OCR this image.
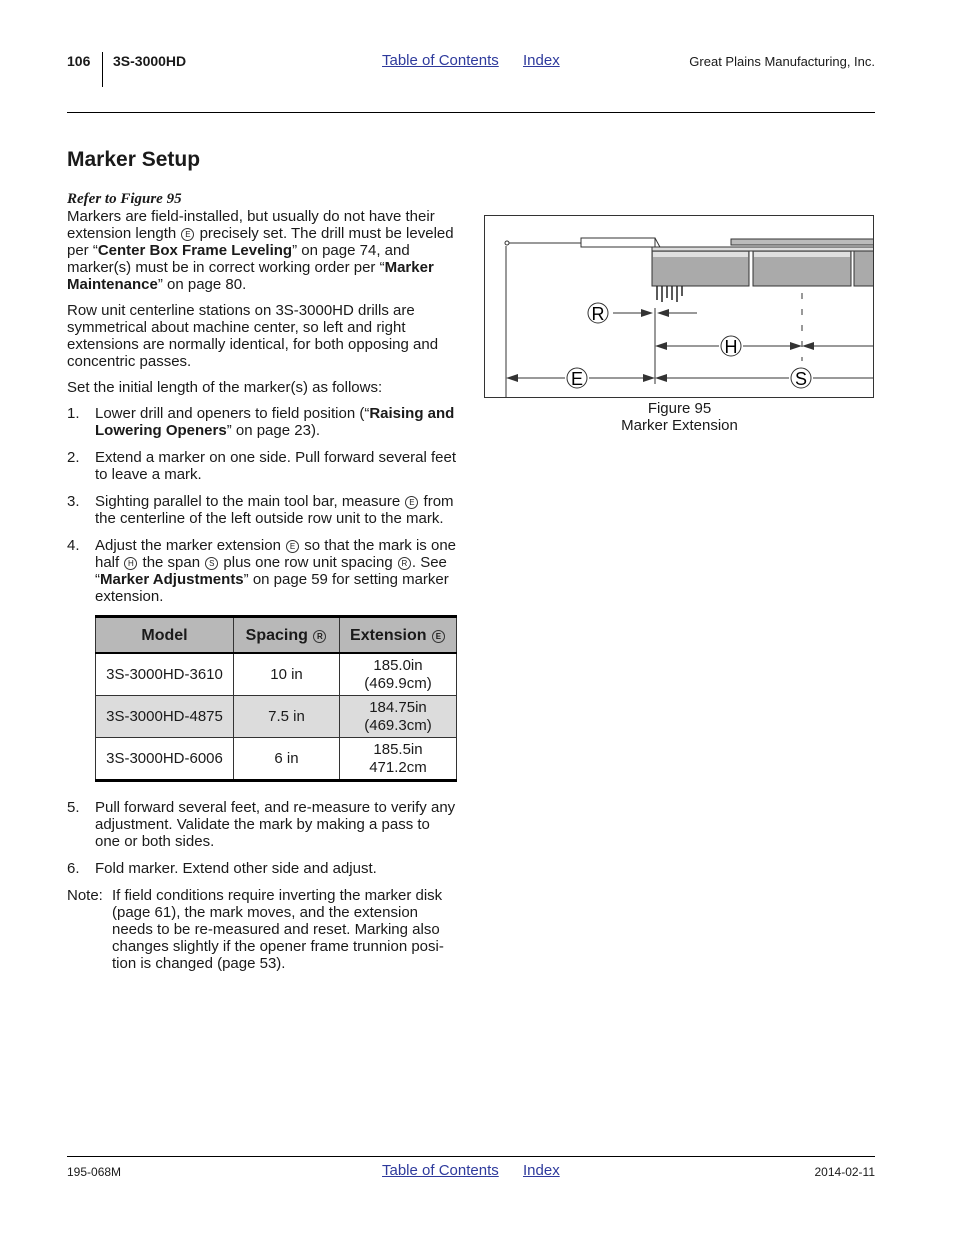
106 3S-3000HD	Table of Contents Index	Great Plains Manufacturing, Inc.
Marker Setup

Refer to Figure 95

Markers are field-installed, but usually do not have their extension length E precisely set. The drill must be leveled per “Center Box Frame Leveling” on page 74, and marker(s) must be in correct working order per “Marker Maintenance” on page 80.

Row unit centerline stations on 3S-3000HD drills are symmetrical about machine center, so left and right extensions are normally identical, for both opposing and concentric passes.

Set the initial length of the marker(s) as follows:

1. Lower drill and openers to field position (“Raising and Lowering Openers” on page 23).
2. Extend a marker on one side. Pull forward several feet to leave a mark.
3. Sighting parallel to the main tool bar, measure E from the centerline of the left outside row unit to the mark.
4. Adjust the marker extension E so that the mark is one half H the span S plus one row unit spacing R . See “Marker Adjustments” on page 59 for setting marker extension.
Model	Spacing R	Extension E
3S-3000HD-3610	10 in	185.0in
(469.9cm)
3S-3000HD-4875	7.5 in	184.75in
(469.3cm)
3S-3000HD-6006	6 in	185.5in
471.2cm
5. Pull forward several feet, and re-measure to verify any adjustment. Validate the mark by making a pass to one or both sides.
6. Fold marker. Extend other side and adjust.
Note: If field conditions require inverting the marker disk (page 61), the mark moves, and the extension needs to be re-measured and reset. Marking also changes slightly if the opener frame trunnion posi-tion is changed (page 53).
R
H
E	S
Figure 95
Marker Extension
195-068M	Table of Contents Index	2014-02-11
